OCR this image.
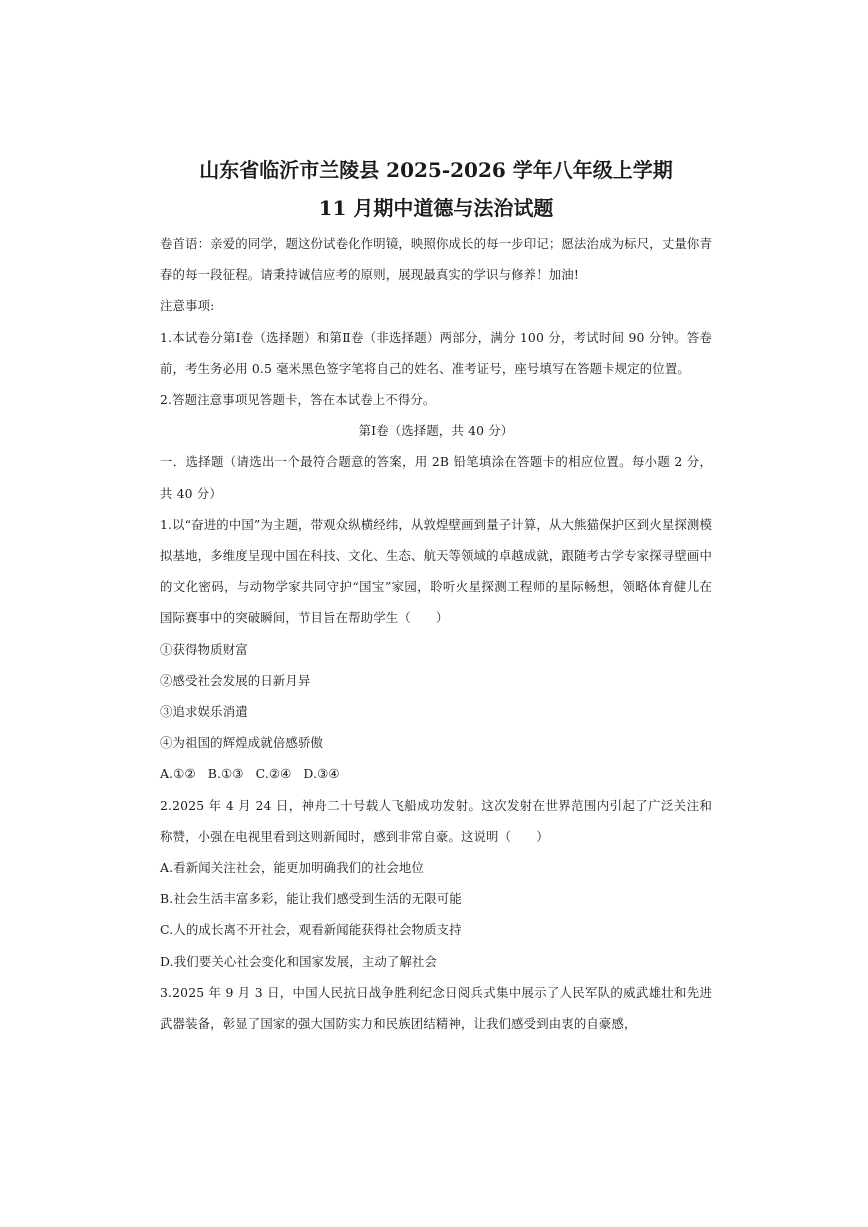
山东省临沂市兰陵县 2025-2026 学年八年级上学期

11 月期中道德与法治试题

卷首语：亲爱的同学，题这份试卷化作明镜，映照你成长的每一步印记；愿法治成为标尺，丈量你青春的每一段征程。请秉持诚信应考的原则，展现最真实的学识与修养！加油!

注意事项:

1.本试卷分第Ⅰ卷（选择题）和第Ⅱ卷（非选择题）两部分，满分 100 分，考试时间 90 分钟。答卷前，考生务必用 0.5 毫米黑色签字笔将自己的姓名、准考证号，座号填写在答题卡规定的位置。

2.答题注意事项见答题卡，答在本试卷上不得分。

第Ⅰ卷（选择题，共 40 分）

一．选择题（请选出一个最符合题意的答案，用 2B 铅笔填涂在答题卡的相应位置。每小题 2 分，共 40 分）

1.以“奋进的中国”为主题，带观众纵横经纬，从敦煌壁画到量子计算，从大熊猫保护区到火星探测模拟基地，多维度呈现中国在科技、文化、生态、航天等领域的卓越成就，跟随考古学专家探寻壁画中的文化密码，与动物学家共同守护“国宝”家园，聆听火星探测工程师的星际畅想，领略体育健儿在国际赛事中的突破瞬间，节目旨在帮助学生（　　）

①获得物质财富

②感受社会发展的日新月异

③追求娱乐消遣

④为祖国的辉煌成就倍感骄傲

A.①② B.①③ C.②④ D.③④

2.2025 年 4 月 24 日，神舟二十号载人飞船成功发射。这次发射在世界范围内引起了广泛关注和称赞，小强在电视里看到这则新闻时，感到非常自豪。这说明（　　）

A.看新闻关注社会，能更加明确我们的社会地位

B.社会生活丰富多彩，能让我们感受到生活的无限可能

C.人的成长离不开社会，观看新闻能获得社会物质支持

D.我们要关心社会变化和国家发展，主动了解社会

3.2025 年 9 月 3 日，中国人民抗日战争胜利纪念日阅兵式集中展示了人民军队的威武雄壮和先进武器装备，彰显了国家的强大国防实力和民族团结精神，让我们感受到由衷的自豪感，
